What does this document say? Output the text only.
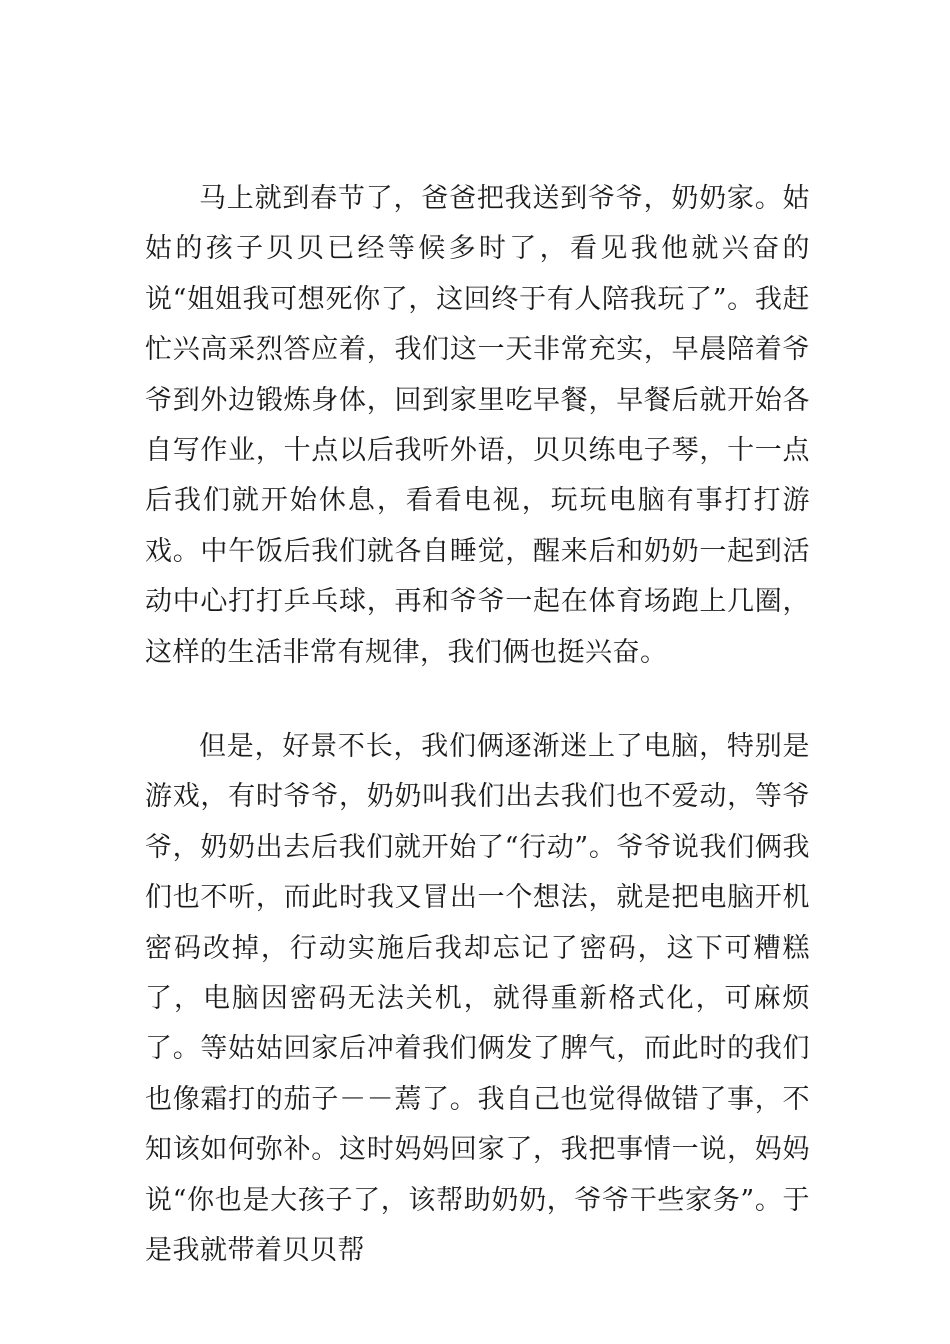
马上就到春节了，爸爸把我送到爷爷，奶奶家。姑姑的孩子贝贝已经等候多时了，看见我他就兴奋的说“姐姐我可想死你了，这回终于有人陪我玩了”。我赶忙兴高采烈答应着，我们这一天非常充实，早晨陪着爷爷到外边锻炼身体，回到家里吃早餐，早餐后就开始各自写作业，十点以后我听外语，贝贝练电子琴，十一点后我们就开始休息，看看电视，玩玩电脑有事打打游戏。中午饭后我们就各自睡觉，醒来后和奶奶一起到活动中心打打乒乓球，再和爷爷一起在体育场跑上几圈，这样的生活非常有规律，我们俩也挺兴奋。

但是，好景不长，我们俩逐渐迷上了电脑，特别是游戏，有时爷爷，奶奶叫我们出去我们也不爱动，等爷爷，奶奶出去后我们就开始了“行动”。爷爷说我们俩我们也不听，而此时我又冒出一个想法，就是把电脑开机密码改掉，行动实施后我却忘记了密码，这下可糟糕了，电脑因密码无法关机，就得重新格式化，可麻烦了。等姑姑回家后冲着我们俩发了脾气，而此时的我们也像霜打的茄子－－蔫了。我自己也觉得做错了事，不知该如何弥补。这时妈妈回家了，我把事情一说，妈妈说“你也是大孩子了，该帮助奶奶，爷爷干些家务”。于是我就带着贝贝帮
